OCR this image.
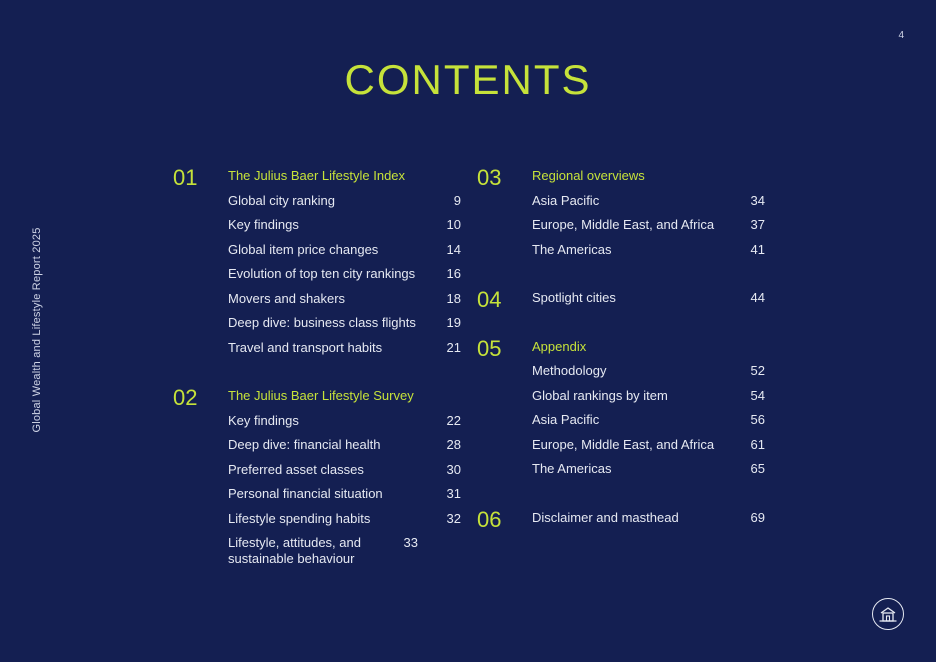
4
Global Wealth and Lifestyle Report 2025
CONTENTS
01 The Julius Baer Lifestyle Index
Global city ranking	9
Key findings	10
Global item price changes	14
Evolution of top ten city rankings	16
Movers and shakers	18
Deep dive: business class flights	19
Travel and transport habits	21
02 The Julius Baer Lifestyle Survey
Key findings	22
Deep dive: financial health	28
Preferred asset classes	30
Personal financial situation	31
Lifestyle spending habits	32
Lifestyle, attitudes, and sustainable behaviour
33
03 Regional overviews
Asia Pacific	34
Europe, Middle East, and Africa	37
The Americas	41
04 Spotlight cities	44
05 Appendix
Methodology	52
Global rankings by item	54
Asia Pacific	56
Europe, Middle East, and Africa	61
The Americas	65
06 Disclaimer and masthead	69
